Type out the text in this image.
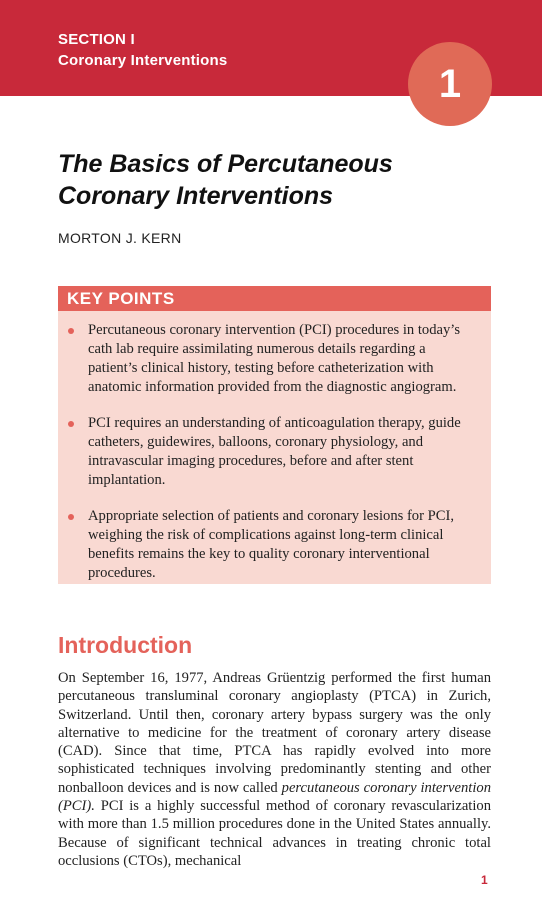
SECTION I
Coronary Interventions
1
The Basics of Percutaneous
Coronary Interventions
MORTON J. KERN
KEY POINTS
Percutaneous coronary intervention (PCI) procedures in today’s cath lab require assimilating numerous details regarding a patient’s clinical history, testing before catheterization with anatomic information provided from the diagnostic angiogram.
PCI requires an understanding of anticoagulation therapy, guide catheters, guidewires, balloons, coronary physiology, and intravascular imaging procedures, before and after stent implantation.
Appropriate selection of patients and coronary lesions for PCI, weighing the risk of complications against long-term clinical benefits remains the key to quality coronary interventional procedures.
Introduction

On September 16, 1977, Andreas Grüentzig performed the first human percutaneous transluminal coronary angioplasty (PTCA) in Zurich, Switzerland. Until then, coronary artery bypass surgery was the only alternative to medicine for the treatment of coronary artery disease (CAD). Since that time, PTCA has rapidly evolved into more sophisticated techniques involving predominantly stenting and other nonballoon devices and is now called percutaneous coronary intervention (PCI). PCI is a highly successful method of coronary revascularization with more than 1.5 million procedures done in the United States annually. Because of significant technical advances in treating chronic total occlusions (CTOs), mechanical

1
